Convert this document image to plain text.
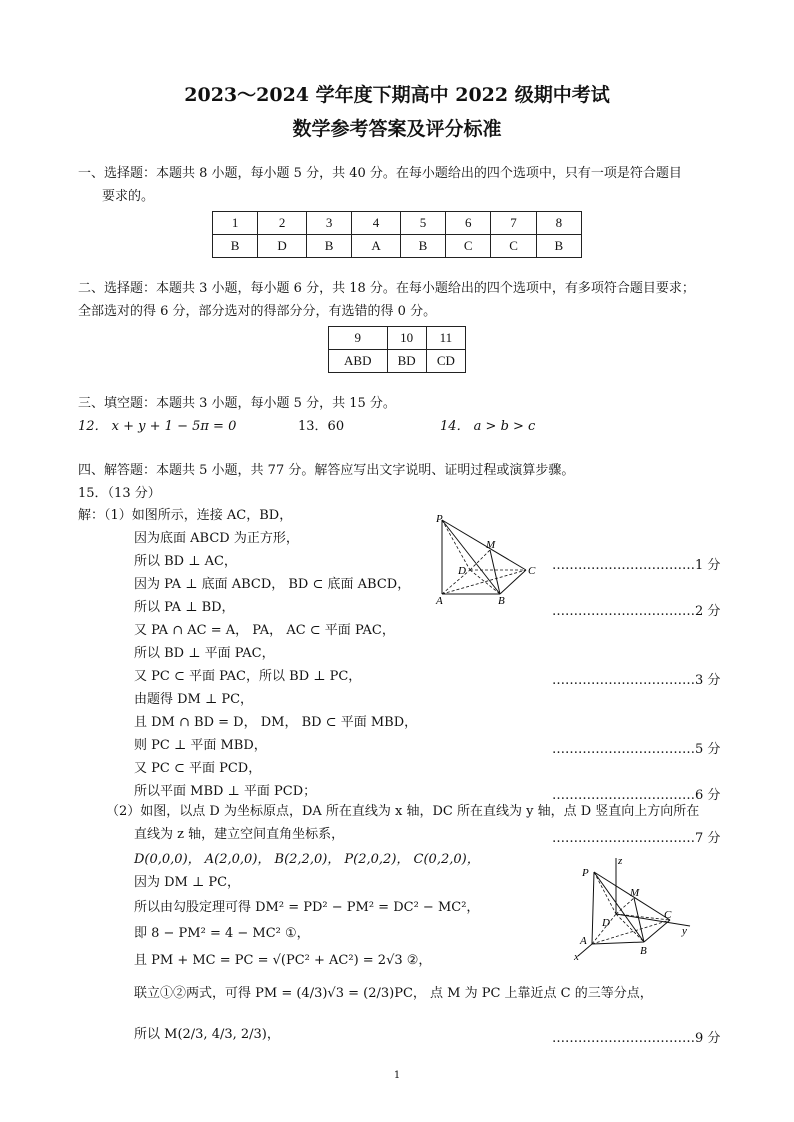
2023～2024 学年度下期高中 2022 级期中考试
数学参考答案及评分标准
一、选择题：本题共 8 小题，每小题 5 分，共 40 分。在每小题给出的四个选项中，只有一项是符合题目
要求的。
1	2	3	4	5	6	7	8
B	D	B	A	B	C	C	B
二、选择题：本题共 3 小题，每小题 6 分，共 18 分。在每小题给出的四个选项中，有多项符合题目要求；
全部选对的得 6 分，部分选对的得部分分，有选错的得 0 分。
9	10	11
ABD	BD	CD
三、填空题：本题共 3 小题，每小题 5 分，共 15 分。
12． x + y + 1 − 5π = 0	13．60	14． a > b > c
四、解答题：本题共 5 小题，共 77 分。解答应写出文字说明、证明过程或演算步骤。
15．（13 分）
解：（1）如图所示，连接 AC，BD，
因为底面 ABCD 为正方形，
所以 BD ⊥ AC，
因为 PA ⊥ 底面 ABCD， BD ⊂ 底面 ABCD，
所以 PA ⊥ BD，
又 PA ∩ AC = A， PA， AC ⊂ 平面 PAC，
所以 BD ⊥ 平面 PAC，
又 PC ⊂ 平面 PAC，所以 BD ⊥ PC，
由题得 DM ⊥ PC，
且 DM ∩ BD = D， DM， BD ⊂ 平面 MBD，
则 PC ⊥ 平面 MBD，
又 PC ⊂ 平面 PCD，
所以平面 MBD ⊥ 平面 PCD；
（2）如图，以点 D 为坐标原点，DA 所在直线为 x 轴，DC 所在直线为 y 轴，点 D 竖直向上方向所在
直线为 z 轴，建立空间直角坐标系，
D(0,0,0)， A(2,0,0)， B(2,2,0)， P(2,0,2)， C(0,2,0)，
因为 DM ⊥ PC，
所以由勾股定理可得 DM² = PD² − PM² = DC² − MC²，
即 8 − PM² = 4 − MC² ①，
且 PM + MC = PC = √(PC² + AC²) = 2√3 ②，
联立①②两式，可得 PM = (4/3)√3 = (2/3)PC， 点 M 为 PC 上靠近点 C 的三等分点，
所以 M(2/3, 4/3, 2/3)，
……………………………1 分
……………………………2 分
……………………………3 分
……………………………5 分
……………………………6 分
……………………………7 分
……………………………9 分
P
M
D	C
A	B
P
z
M
D
C
y
A
x	B
1
